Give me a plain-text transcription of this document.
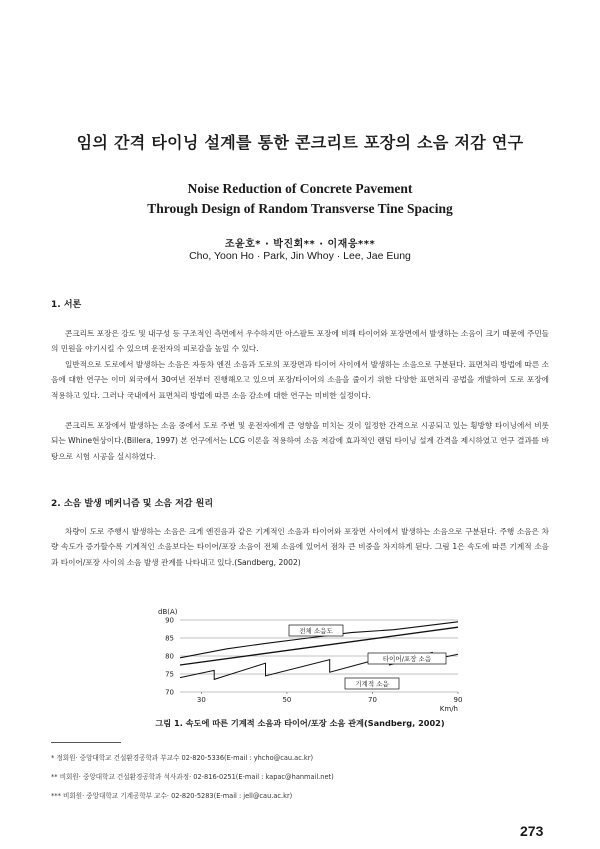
임의 간격 타이닝 설계를 통한 콘크리트 포장의 소음 저감 연구
Noise Reduction of Concrete Pavement
Through Design of Random Transverse Tine Spacing
조윤호* · 박진회** · 이재응***
Cho, Yoon Ho · Park, Jin Whoy · Lee, Jae Eung
1. 서론

콘크리트 포장은 강도 및 내구성 등 구조적인 측면에서 우수하지만 아스팔트 포장에 비해 타이어와 포장면에서 발생하는 소음이 크기 때문에 주민들의 민원을 야기시킬 수 있으며 운전자의 피로감을 높일 수 있다.

일반적으로 도로에서 발생하는 소음은 자동차 엔진 소음과 도로의 포장면과 타이어 사이에서 발생하는 소음으로 구분된다. 표면처리 방법에 따른 소음에 대한 연구는 이미 외국에서 30여년 전부터 진행해오고 있으며 포장/타이어의 소음을 줄이기 위한 다양한 표면처리 공법을 개발하여 도로 포장에 적용하고 있다. 그러나 국내에서 표면처리 방법에 따른 소음 감소에 대한 연구는 미비한 실정이다.

콘크리트 포장에서 발생하는 소음 중에서 도로 주변 및 운전자에게 큰 영향을 미치는 것이 일정한 간격으로 시공되고 있는 횡방향 타이닝에서 비롯되는 Whine현상이다.(Billera, 1997) 본 연구에서는 LCG 이론을 적용하여 소음 저감에 효과적인 랜덤 타이닝 설계 간격을 제시하였고 연구 결과를 바탕으로 시험 시공을 실시하였다.

2. 소음 발생 메커니즘 및 소음 저감 원리

차량이 도로 주행시 발생하는 소음은 크게 엔진음과 같은 기계적인 소음과 타이어와 포장면 사이에서 발생하는 소음으로 구분된다. 주행 소음은 차량 속도가 증가할수록 기계적인 소음보다는 타이어/포장 소음이 전체 소음에 있어서 점차 큰 비중을 차지하게 된다. 그림 1은 속도에 따른 기계적 소음과 타이어/포장 사이의 소음 발생 관계를 나타내고 있다.(Sandberg, 2002)

90
85
80
75
70
30	50	70	90
dB(A)
Km/h
전체 소음도
타이어/포장 소음
기계적 소음
그림 1. 속도에 따른 기계적 소음과 타이어/포장 소음 관계(Sandberg, 2002)
* 정회원· 중앙대학교 건설환경공학과 부교수 02-820-5336(E-mail : yhcho@cau.ac.kr)
** 비회원· 중앙대학교 건설환경공학과 석사과정· 02-816-0251(E-mail : kapac@hanmail.net)
*** 비회원· 중앙대학교 기계공학부 교수· 02-820-5283(E-mail : jell@cau.ac.kr)
273
